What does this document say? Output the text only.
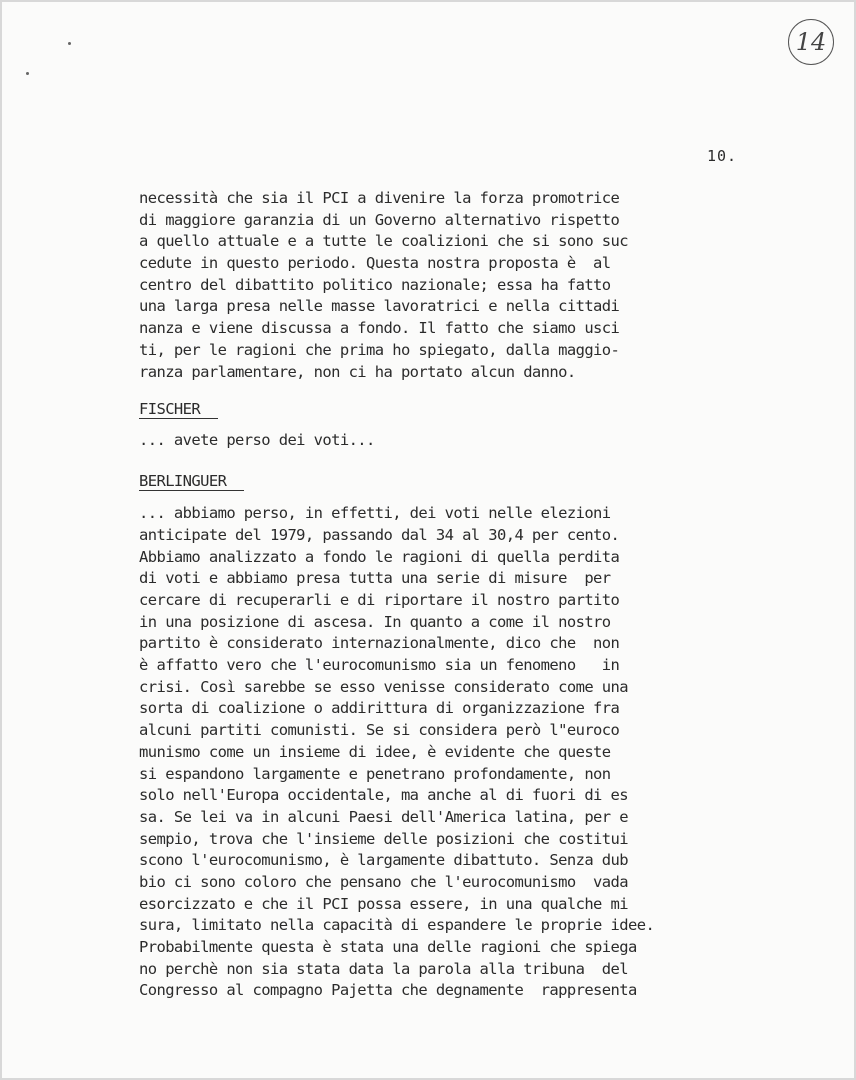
14
10.
necessità che sia il PCI a divenire la forza promotrice
di maggiore garanzia di un Governo alternativo rispetto
a quello attuale e a tutte le coalizioni che si sono suc
cedute in questo periodo. Questa nostra proposta è  al
centro del dibattito politico nazionale; essa ha fatto
una larga presa nelle masse lavoratrici e nella cittadi
nanza e viene discussa a fondo. Il fatto che siamo usci
ti, per le ragioni che prima ho spiegato, dalla maggio-
ranza parlamentare, non ci ha portato alcun danno.
FISCHER
... avete perso dei voti...
BERLINGUER
... abbiamo perso, in effetti, dei voti nelle elezioni
anticipate del 1979, passando dal 34 al 30,4 per cento.
Abbiamo analizzato a fondo le ragioni di quella perdita
di voti e abbiamo presa tutta una serie di misure  per
cercare di recuperarli e di riportare il nostro partito
in una posizione di ascesa. In quanto a come il nostro
partito è considerato internazionalmente, dico che  non
è affatto vero che l'eurocomunismo sia un fenomeno   in
crisi. Così sarebbe se esso venisse considerato come una
sorta di coalizione o addirittura di organizzazione fra
alcuni partiti comunisti. Se si considera però l"euroco
munismo come un insieme di idee, è evidente che queste
si espandono largamente e penetrano profondamente, non
solo nell'Europa occidentale, ma anche al di fuori di es
sa. Se lei va in alcuni Paesi dell'America latina, per e
sempio, trova che l'insieme delle posizioni che costitui
scono l'eurocomunismo, è largamente dibattuto. Senza dub
bio ci sono coloro che pensano che l'eurocomunismo  vada
esorcizzato e che il PCI possa essere, in una qualche mi
sura, limitato nella capacità di espandere le proprie idee.
Probabilmente questa è stata una delle ragioni che spiega
no perchè non sia stata data la parola alla tribuna  del
Congresso al compagno Pajetta che degnamente  rappresenta
